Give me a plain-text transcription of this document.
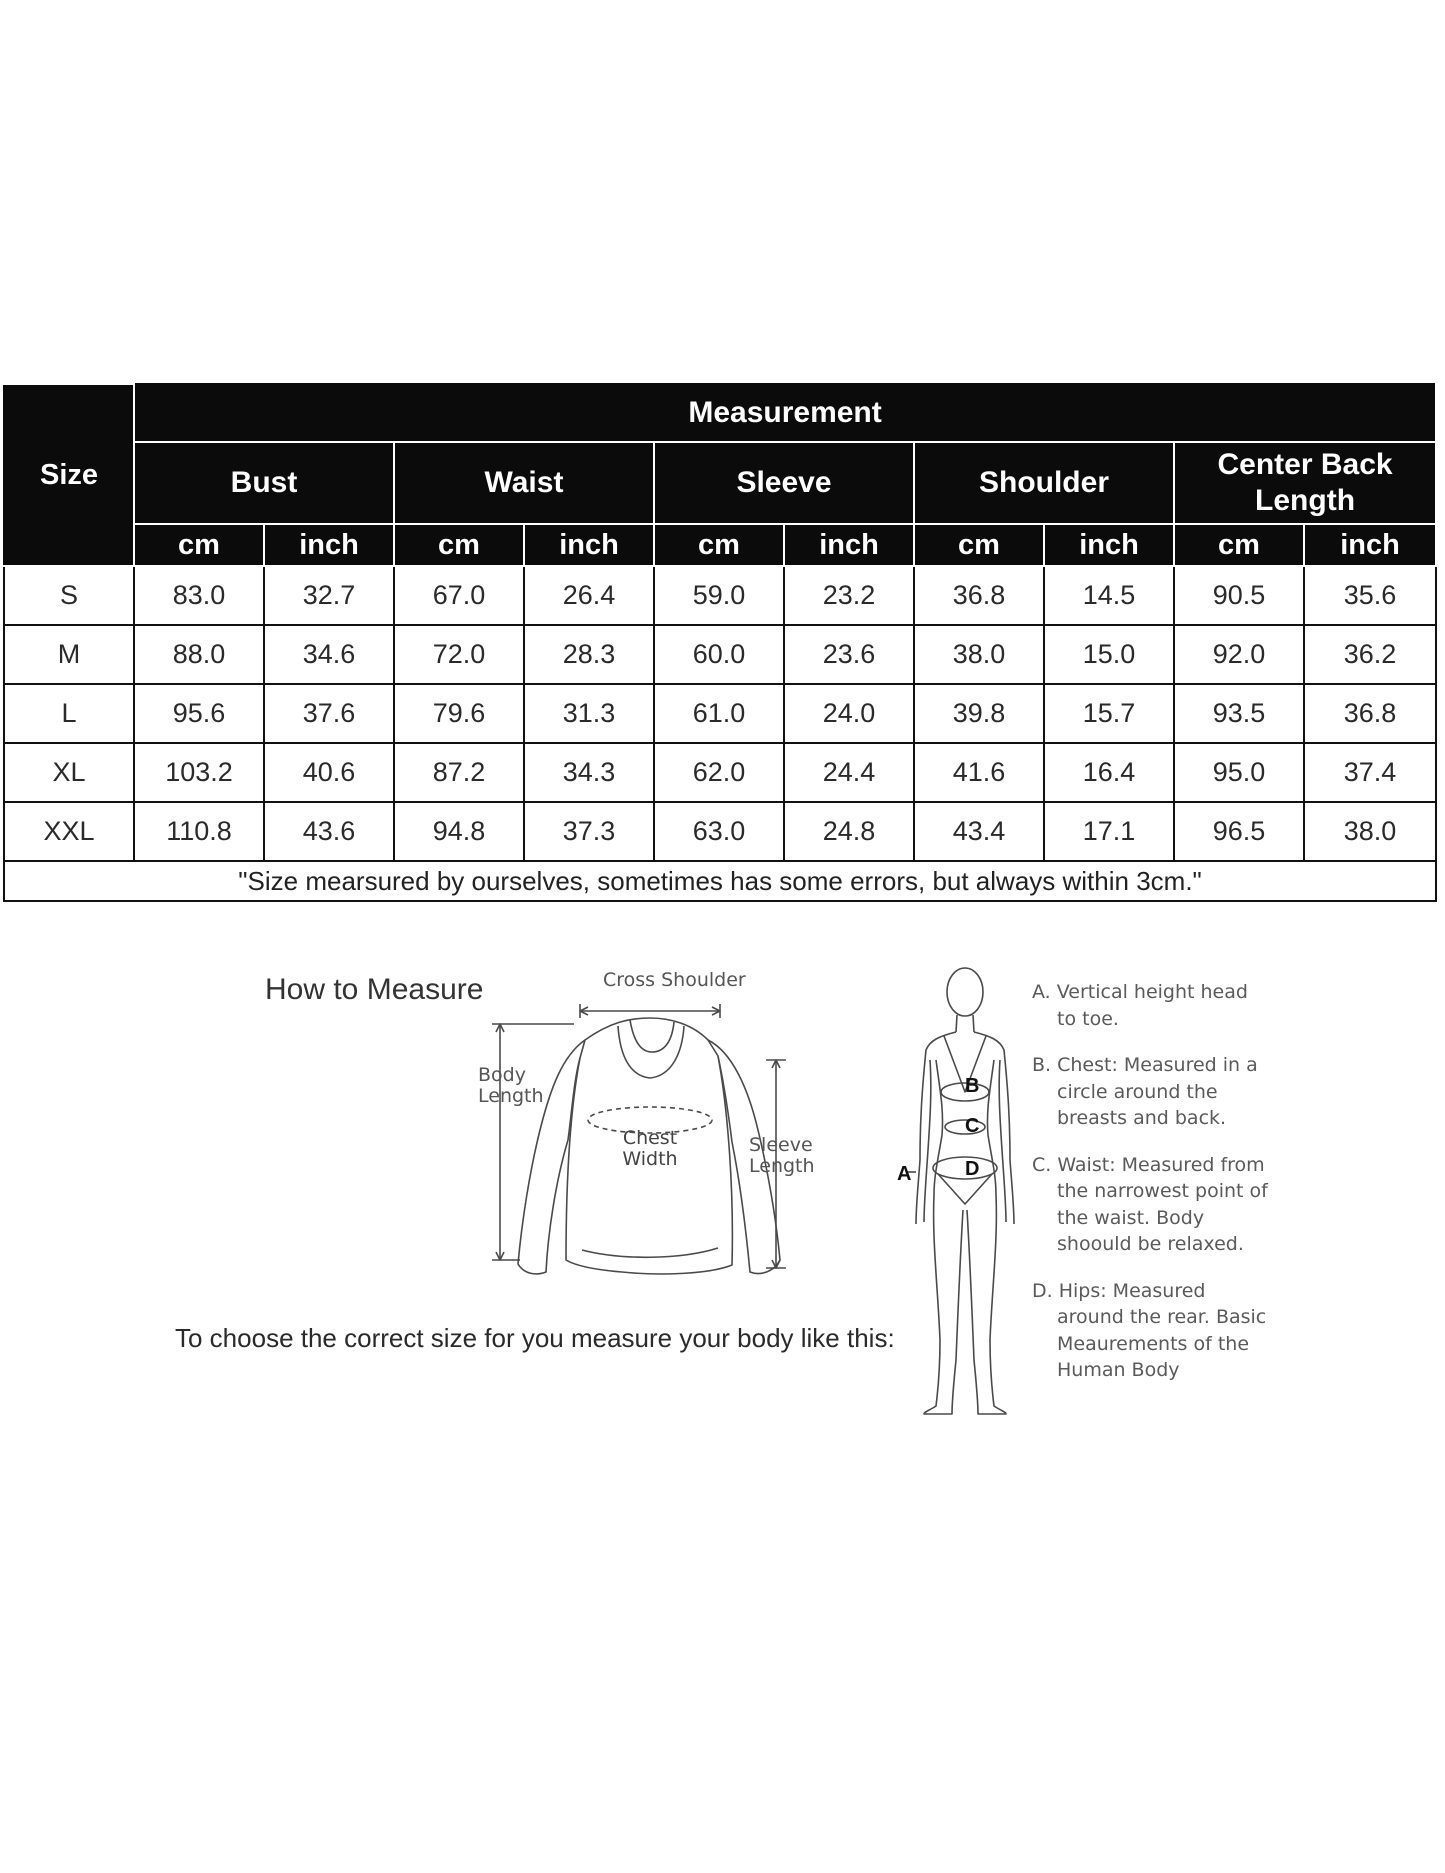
Size	Measurement									
	Bust		Waist		Sleeve		Shoulder		Center Back Length	
	cm	inch	cm	inch	cm	inch	cm	inch	cm	inch
S	83.0	32.7	67.0	26.4	59.0	23.2	36.8	14.5	90.5	35.6
M	88.0	34.6	72.0	28.3	60.0	23.6	38.0	15.0	92.0	36.2
L	95.6	37.6	79.6	31.3	61.0	24.0	39.8	15.7	93.5	36.8
XL	103.2	40.6	87.2	34.3	62.0	24.4	41.6	16.4	95.0	37.4
XXL	110.8	43.6	94.8	37.3	63.0	24.8	43.4	17.1	96.5	38.0
"Size mearsured by ourselves, sometimes has some errors, but always within 3cm."										
How to Measure	Cross Shoulder
Body Length
Chest Width
Sleeve Length
To choose the correct size for you measure your body like this:
B
C
D
A
A. Vertical height head to toe.
B. Chest: Measured in a circle around the breasts and back.
C. Waist: Measured from the narrowest point of the waist. Body shoould be relaxed.
D. Hips: Measured around the rear. Basic Meaurements of the Human Body
